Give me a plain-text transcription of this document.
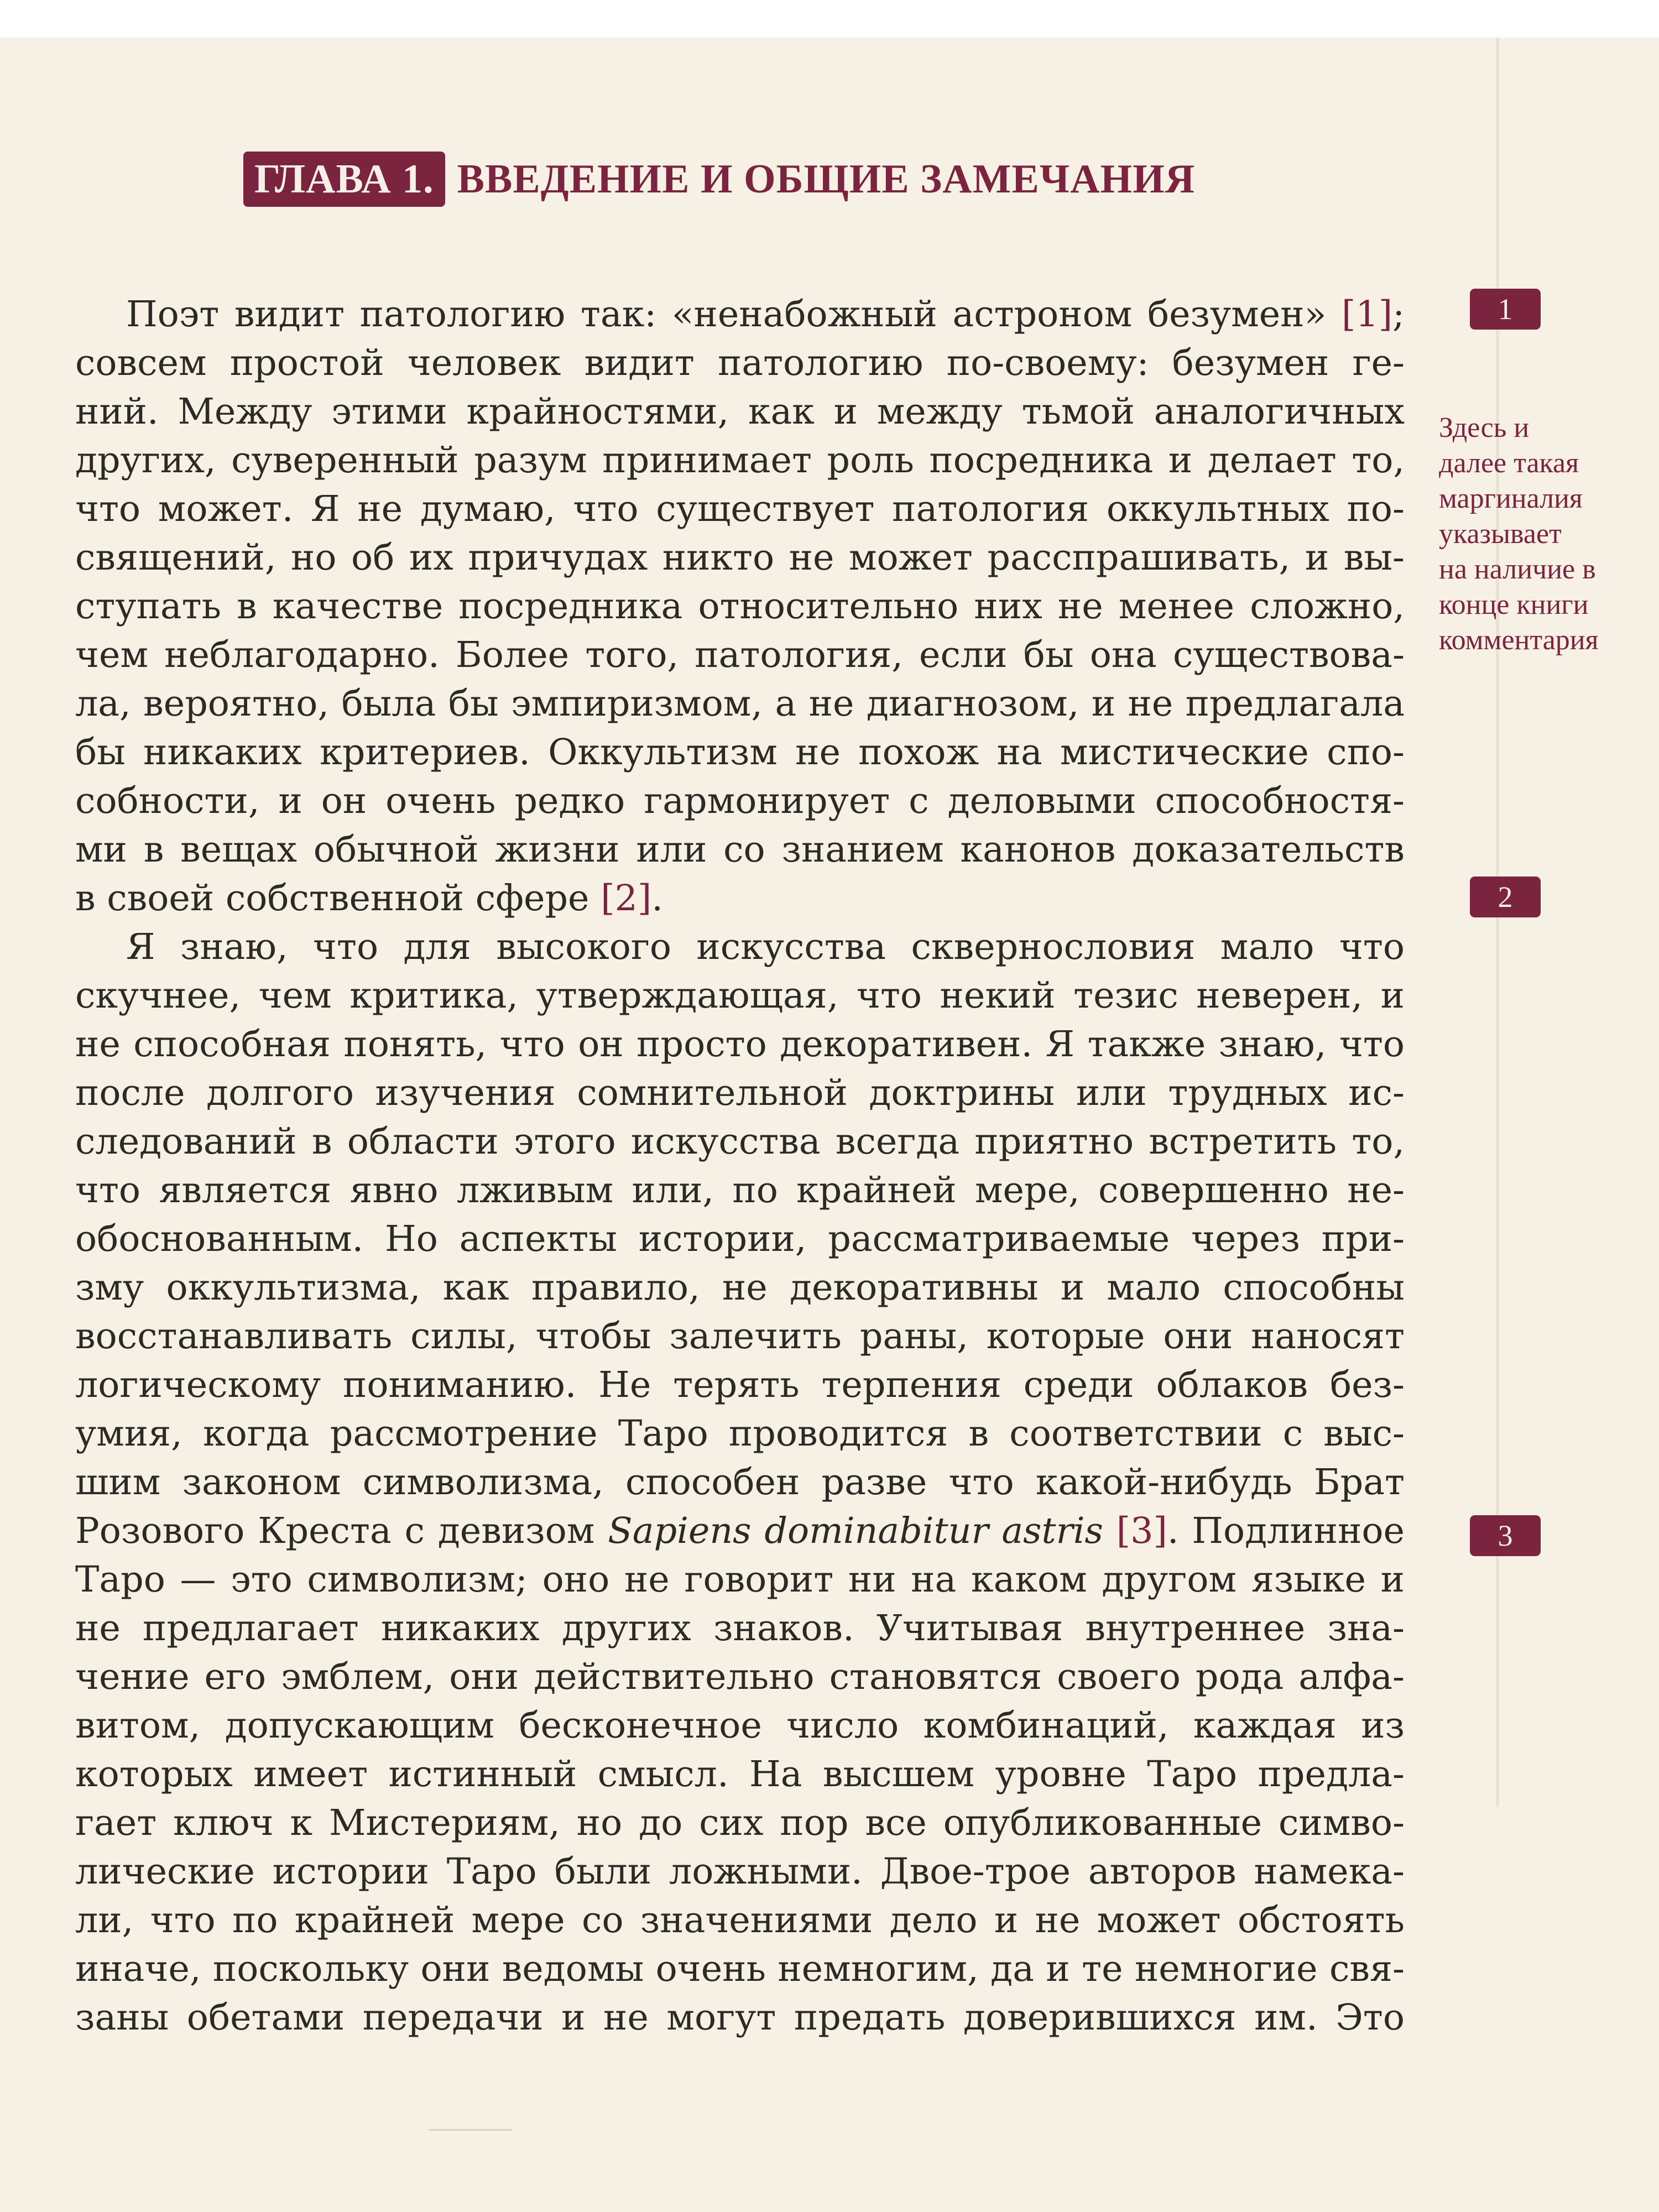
ГЛАВА 1. ВВЕДЕНИЕ И ОБЩИЕ ЗАМЕЧАНИЯ
1
2
3
Здесь и
далее такая
маргиналия
указывает
на наличие в
конце книги
комментария
Поэт видит патологию так: «ненабожный астроном безумен» [1];
совсем простой человек видит патологию по-своему: безумен ге-
ний. Между этими крайностями, как и между тьмой аналогичных
других, суверенный разум принимает роль посредника и делает то,
что может. Я не думаю, что существует патология оккультных по-
священий, но об их причудах никто не может расспрашивать, и вы-
ступать в качестве посредника относительно них не менее сложно,
чем неблагодарно. Более того, патология, если бы она существова-
ла, вероятно, была бы эмпиризмом, а не диагнозом, и не предлагала
бы никаких критериев. Оккультизм не похож на мистические спо-
собности, и он очень редко гармонирует с деловыми способностя-
ми в вещах обычной жизни или со знанием канонов доказательств
в своей собственной сфере [2].
Я знаю, что для высокого искусства сквернословия мало что
скучнее, чем критика, утверждающая, что некий тезис неверен, и
не способная понять, что он просто декоративен. Я также знаю, что
после долгого изучения сомнительной доктрины или трудных ис-
следований в области этого искусства всегда приятно встретить то,
что является явно лживым или, по крайней мере, совершенно не-
обоснованным. Но аспекты истории, рассматриваемые через при-
зму оккультизма, как правило, не декоративны и мало способны
восстанавливать силы, чтобы залечить раны, которые они наносят
логическому пониманию. Не терять терпения среди облаков без-
умия, когда рассмотрение Таро проводится в соответствии с выс-
шим законом символизма, способен разве что какой-нибудь Брат
Розового Креста с девизом Sapiens dominabitur astris [3]. Подлинное
Таро — это символизм; оно не говорит ни на каком другом языке и
не предлагает никаких других знаков. Учитывая внутреннее зна-
чение его эмблем, они действительно становятся своего рода алфа-
витом, допускающим бесконечное число комбинаций, каждая из
которых имеет истинный смысл. На высшем уровне Таро предла-
гает ключ к Мистериям, но до сих пор все опубликованные симво-
лические истории Таро были ложными. Двое-трое авторов намека-
ли, что по крайней мере со значениями дело и не может обстоять
иначе, поскольку они ведомы очень немногим, да и те немногие свя-
заны обетами передачи и не могут предать доверившихся им. Это
